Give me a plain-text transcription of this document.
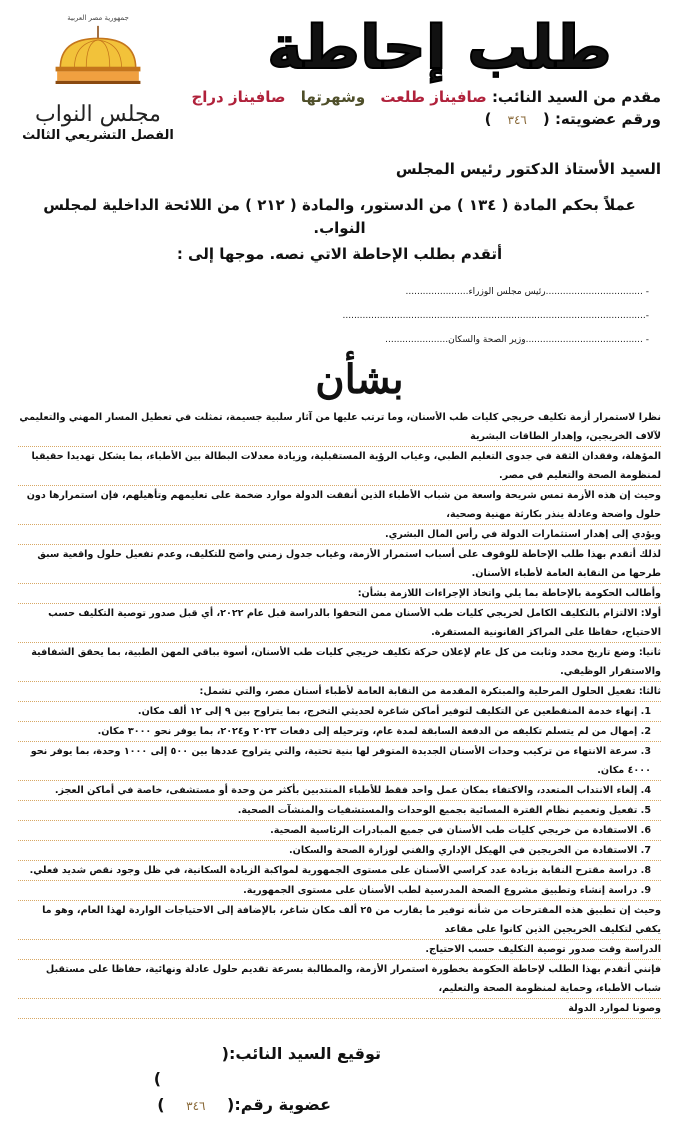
جمهورية مصر العربية
مجلس النواب
الفصل التشريعي الثالث
طلب إحاطة
مقدم من السيد النائب: صافيناز طلعت وشهرتها صافيناز دراج
ورقم عضويته: (٣٤٦)
السيد الأستاذ الدكتور رئيس المجلس
عملاً بحكم المادة ( ١٣٤ ) من الدستور، والمادة ( ٢١٢ ) من اللائحة الداخلية لمجلس النواب.
أتقدم بطلب الإحاطة الاتي نصه. موجها إلى :
- ..................................رئيس مجلس الوزراء......................
-..........................................................................................................
- .........................................وزير الصحة والسكان......................
بشأن
نظرا لاستمرار أزمة تكليف خريجي كليات طب الأسنان، وما ترتب عليها من آثار سلبية جسيمة، تمثلت في تعطيل المسار المهني والتعليمي لآلاف الخريجين، وإهدار الطاقات البشرية
المؤهلة، وفقدان الثقة في جدوى التعليم الطبي، وغياب الرؤية المستقبلية، وزيادة معدلات البطالة بين الأطباء، بما يشكل تهديدا حقيقيا لمنظومة الصحة والتعليم في مصر.
وحيث إن هذه الأزمة تمس شريحة واسعة من شباب الأطباء الذين أنفقت الدولة موارد ضخمة على تعليمهم وتأهيلهم، فإن استمرارها دون حلول واضحة وعادلة ينذر بكارثة مهنية وصحية،
ويؤدي إلى إهدار استثمارات الدولة في رأس المال البشري.
لذلك أتقدم بهذا طلب الإحاطة للوقوف على أسباب استمرار الأزمة، وغياب جدول زمني واضح للتكليف، وعدم تفعيل حلول واقعية سبق طرحها من النقابة العامة لأطباء الأسنان.
وأطالب الحكومة بالإحاطة بما يلي واتخاذ الإجراءات اللازمة بشأن:
أولا: الالتزام بالتكليف الكامل لخريجي كليات طب الأسنان ممن التحقوا بالدراسة قبل عام ٢٠٢٢، أي قبل صدور توصية التكليف حسب الاحتياج، حفاظا على المراكز القانونية المستقرة.
ثانيا: وضع تاريخ محدد وثابت من كل عام لإعلان حركة تكليف خريجي كليات طب الأسنان، أسوة بباقي المهن الطبية، بما يحقق الشفافية والاستقرار الوظيفي.
ثالثا: تفعيل الحلول المرحلية والمبتكرة المقدمة من النقابة العامة لأطباء أسنان مصر، والتي تشمل:
1. إنهاء خدمة المنقطعين عن التكليف لتوفير أماكن شاغرة لحديثي التخرج، بما يتراوح بين ٩ إلى ١٢ ألف مكان.
2. إمهال من لم يتسلم تكليفه من الدفعة السابقة لمدة عام، وترحيله إلى دفعات ٢٠٢٣ و٢٠٢٤، بما يوفر نحو ٣٠٠٠ مكان.
3. سرعة الانتهاء من تركيب وحدات الأسنان الجديدة المتوفر لها بنية تحتية، والتي يتراوح عددها بين ٥٠٠ إلى ١٠٠٠ وحدة، بما يوفر نحو ٤٠٠٠ مكان.
4. إلغاء الانتداب المتعدد، والاكتفاء بمكان عمل واحد فقط للأطباء المنتدبين بأكثر من وحدة أو مستشفى، خاصة في أماكن العجز.
5. تفعيل وتعميم نظام الفترة المسائية بجميع الوحدات والمستشفيات والمنشآت الصحية.
6. الاستفادة من خريجي كليات طب الأسنان في جميع المبادرات الرئاسية الصحية.
7. الاستفادة من الخريجين في الهيكل الإداري والفني لوزارة الصحة والسكان.
8. دراسة مقترح النقابة بزيادة عدد كراسي الأسنان على مستوى الجمهورية لمواكبة الزيادة السكانية، في ظل وجود نقص شديد فعلي.
9. دراسة إنشاء وتطبيق مشروع الصحة المدرسية لطب الأسنان على مستوى الجمهورية.
وحيث إن تطبيق هذه المقترحات من شأنه توفير ما يقارب من ٢٥ ألف مكان شاغر، بالإضافة إلى الاحتياجات الواردة لهذا العام، وهو ما يكفي لتكليف الخريجين الذين كانوا على مقاعد
الدراسة وقت صدور توصية التكليف حسب الاحتياج.
فإنني أتقدم بهذا الطلب لإحاطة الحكومة بخطورة استمرار الأزمة، والمطالبة بسرعة تقديم حلول عادلة ونهائية، حفاظا على مستقبل شباب الأطباء، وحماية لمنظومة الصحة والتعليم،
وصونا لموارد الدولة
توقيع السيد النائب:()
عضوية رقم:( ٣٤٦ )
